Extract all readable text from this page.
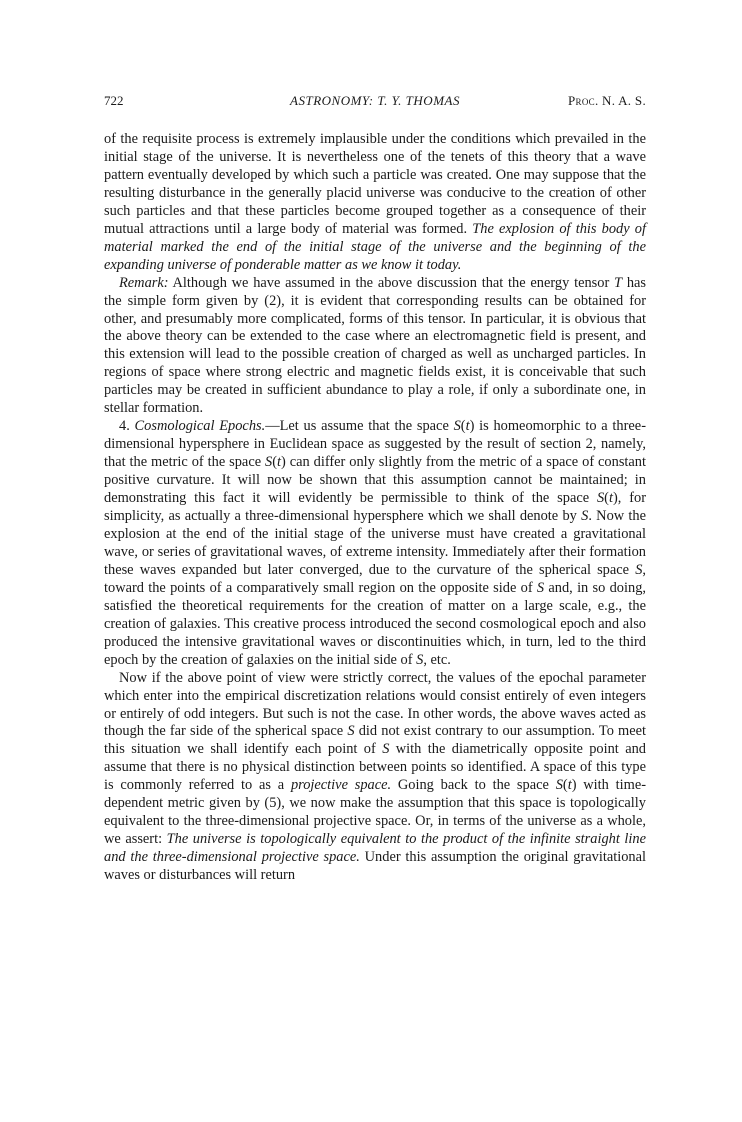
722	ASTRONOMY: T. Y. THOMAS	Proc. N. A. S.

of the requisite process is extremely implausible under the conditions which prevailed in the initial stage of the universe. It is nevertheless one of the tenets of this theory that a wave pattern eventually developed by which such a particle was created. One may suppose that the resulting disturbance in the generally placid universe was conducive to the creation of other such particles and that these particles become grouped together as a consequence of their mutual attractions until a large body of material was formed. The explosion of this body of material marked the end of the initial stage of the universe and the beginning of the expanding universe of ponderable matter as we know it today.

Remark: Although we have assumed in the above discussion that the energy tensor T has the simple form given by (2), it is evident that corresponding results can be obtained for other, and presumably more complicated, forms of this tensor. In particular, it is obvious that the above theory can be extended to the case where an electromagnetic field is present, and this extension will lead to the possible creation of charged as well as uncharged particles. In regions of space where strong electric and magnetic fields exist, it is conceivable that such particles may be created in sufficient abundance to play a role, if only a subordinate one, in stellar formation.

4. Cosmological Epochs.—Let us assume that the space S(t) is homeomorphic to a three-dimensional hypersphere in Euclidean space as suggested by the result of section 2, namely, that the metric of the space S(t) can differ only slightly from the metric of a space of constant positive curvature. It will now be shown that this assumption cannot be maintained; in demonstrating this fact it will evidently be permissible to think of the space S(t), for simplicity, as actually a three-dimensional hypersphere which we shall denote by S. Now the explosion at the end of the initial stage of the universe must have created a gravitational wave, or series of gravitational waves, of extreme intensity. Immediately after their formation these waves expanded but later converged, due to the curvature of the spherical space S, toward the points of a comparatively small region on the opposite side of S and, in so doing, satisfied the theoretical requirements for the creation of matter on a large scale, e.g., the creation of galaxies. This creative process introduced the second cosmological epoch and also produced the intensive gravitational waves or discontinuities which, in turn, led to the third epoch by the creation of galaxies on the initial side of S, etc.

Now if the above point of view were strictly correct, the values of the epochal parameter which enter into the empirical discretization relations would consist entirely of even integers or entirely of odd integers. But such is not the case. In other words, the above waves acted as though the far side of the spherical space S did not exist contrary to our assumption. To meet this situation we shall identify each point of S with the diametrically opposite point and assume that there is no physical distinction between points so identified. A space of this type is commonly referred to as a projective space. Going back to the space S(t) with time-dependent metric given by (5), we now make the assumption that this space is topologically equivalent to the three-dimensional projective space. Or, in terms of the universe as a whole, we assert: The universe is topologically equivalent to the product of the infinite straight line and the three-dimensional projective space. Under this assumption the original gravitational waves or disturbances will return
